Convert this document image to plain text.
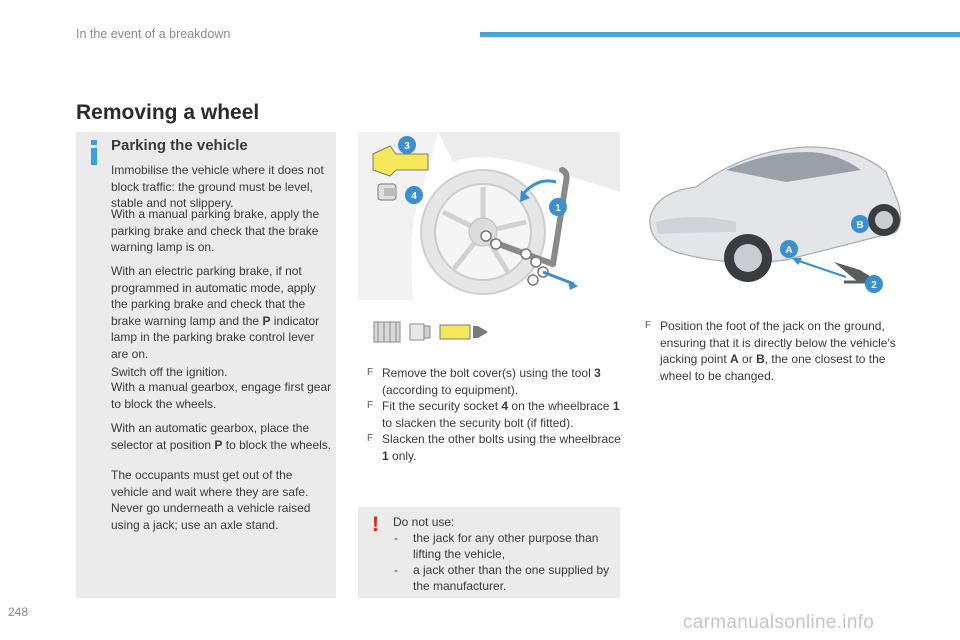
In the event of a breakdown
Removing a wheel
Parking the vehicle
Immobilise the vehicle where it does not block traffic: the ground must be level, stable and not slippery.
With a manual parking brake, apply the parking brake and check that the brake warning lamp is on.
With an electric parking brake, if not programmed in automatic mode, apply the parking brake and check that the brake warning lamp and the P indicator lamp in the parking brake control lever are on.
Switch off the ignition.
With a manual gearbox, engage first gear to block the wheels.
With an automatic gearbox, place the selector at position P to block the wheels.
The occupants must get out of the vehicle and wait where they are safe.
Never go underneath a vehicle raised using a jack; use an axle stand.
3
4
1
A
B
2
F Remove the bolt cover(s) using the tool 3 (according to equipment).
F Fit the security socket 4 on the wheelbrace 1 to slacken the security bolt (if fitted).
F Slacken the other bolts using the wheelbrace 1 only.
F Position the foot of the jack on the ground, ensuring that it is directly below the vehicle's jacking point A or B, the one closest to the wheel to be changed.
! Do not use:
- the jack for any other purpose than lifting the vehicle,
- a jack other than the one supplied by the manufacturer.
248	carmanualsonline.info
